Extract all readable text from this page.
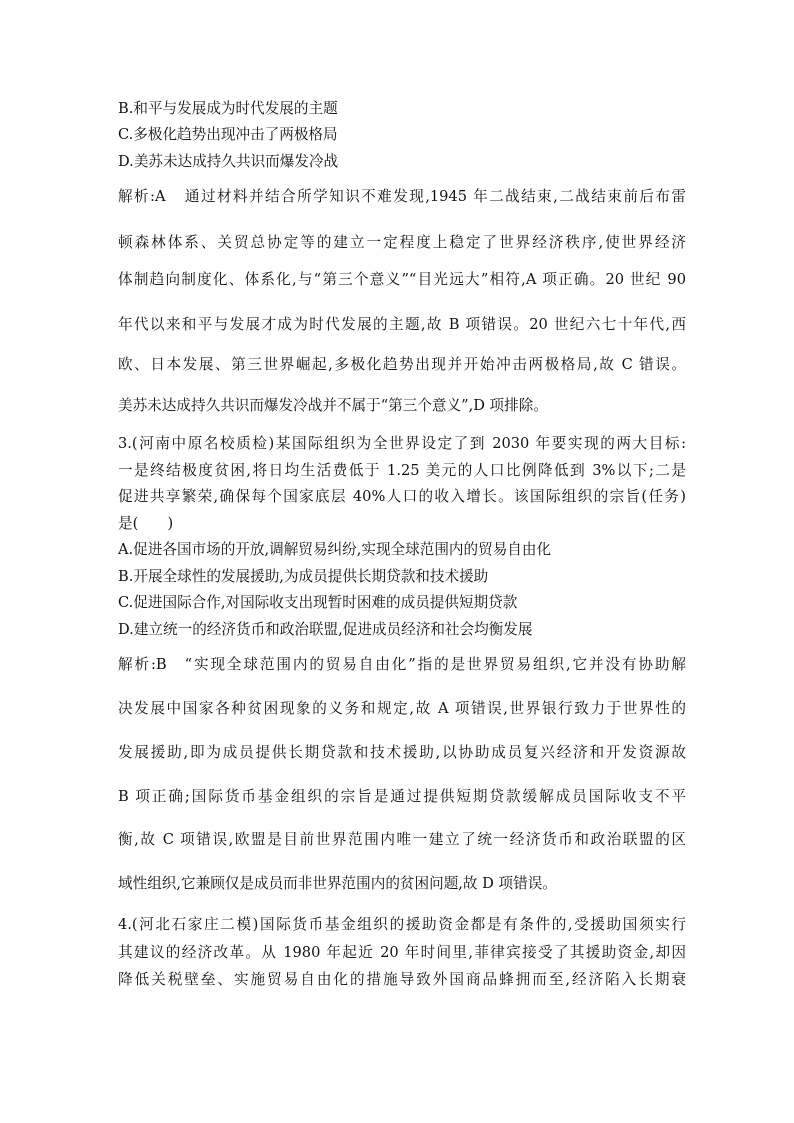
B.和平与发展成为时代发展的主题
C.多极化趋势出现冲击了两极格局
D.美苏未达成持久共识而爆发冷战
解析:A 通过材料并结合所学知识不难发现,1945 年二战结束,二战结束前后布雷
顿森林体系、关贸总协定等的建立一定程度上稳定了世界经济秩序,使世界经济
体制趋向制度化、体系化,与“第三个意义”“目光远大”相符,A 项正确。20 世纪 90
年代以来和平与发展才成为时代发展的主题,故 B 项错误。20 世纪六七十年代,西
欧、日本发展、第三世界崛起,多极化趋势出现并开始冲击两极格局,故 C 错误。
美苏未达成持久共识而爆发冷战并不属于“第三个意义”,D 项排除。
3.(河南中原名校质检)某国际组织为全世界设定了到 2030 年要实现的两大目标:
一是终结极度贫困,将日均生活费低于 1.25 美元的人口比例降低到 3%以下;二是
促进共享繁荣,确保每个国家底层 40%人口的收入增长。该国际组织的宗旨(任务)
是(　　)
A.促进各国市场的开放,调解贸易纠纷,实现全球范围内的贸易自由化
B.开展全球性的发展援助,为成员提供长期贷款和技术援助
C.促进国际合作,对国际收支出现暂时困难的成员提供短期贷款
D.建立统一的经济货币和政治联盟,促进成员经济和社会均衡发展
解析:B “实现全球范围内的贸易自由化”指的是世界贸易组织,它并没有协助解
决发展中国家各种贫困现象的义务和规定,故 A 项错误,世界银行致力于世界性的
发展援助,即为成员提供长期贷款和技术援助,以协助成员复兴经济和开发资源故
B 项正确;国际货币基金组织的宗旨是通过提供短期贷款缓解成员国际收支不平
衡,故 C 项错误,欧盟是目前世界范围内唯一建立了统一经济货币和政治联盟的区
域性组织,它兼顾仅是成员而非世界范围内的贫困问题,故 D 项错误。
4.(河北石家庄二模)国际货币基金组织的援助资金都是有条件的,受援助国须实行
其建议的经济改革。从 1980 年起近 20 年时间里,菲律宾接受了其援助资金,却因
降低关税壁垒、实施贸易自由化的措施导致外国商品蜂拥而至,经济陷入长期衰
